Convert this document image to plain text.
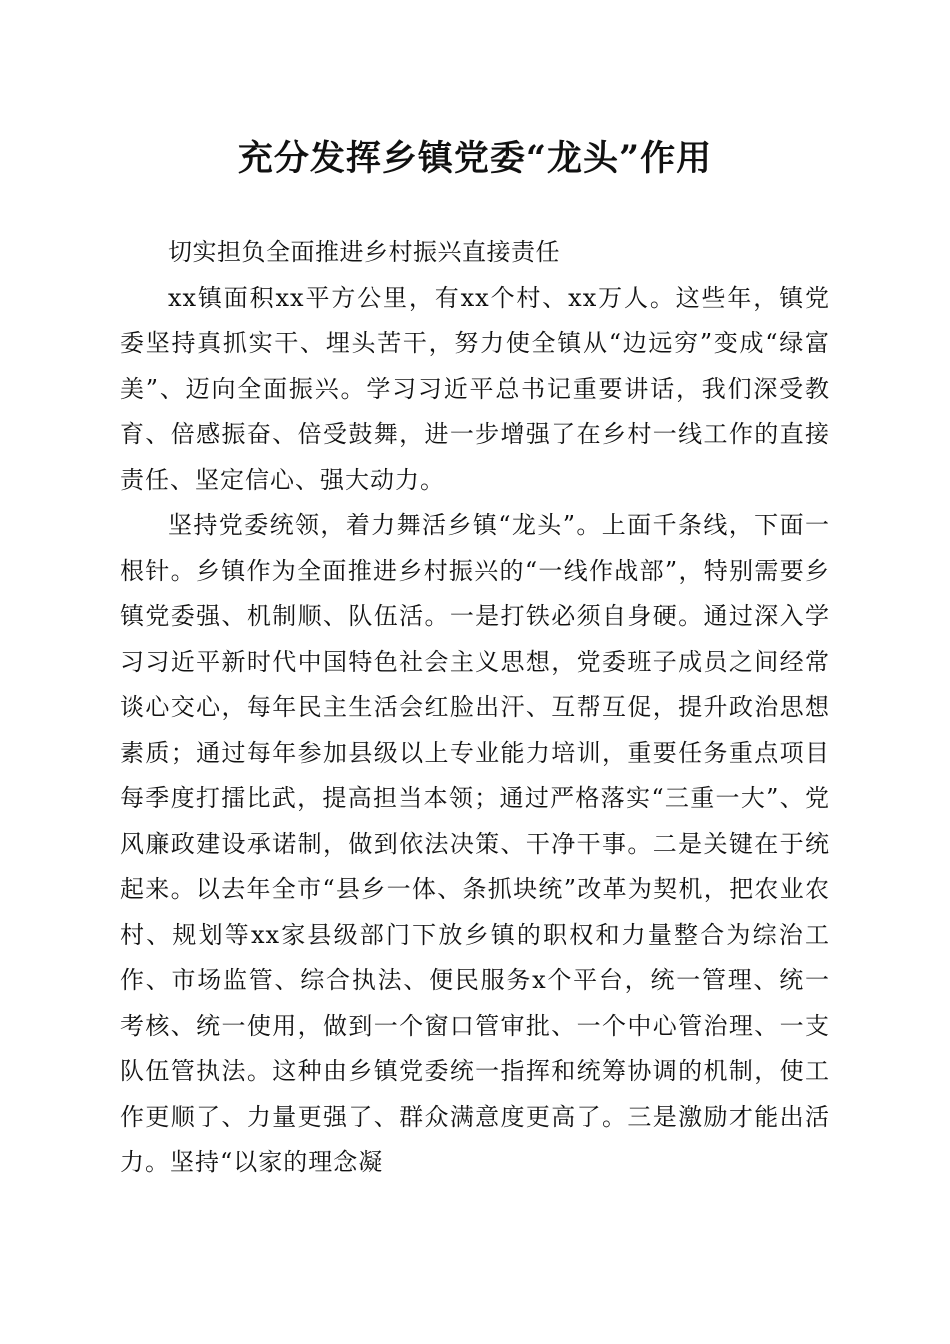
充分发挥乡镇党委“龙头”作用

切实担负全面推进乡村振兴直接责任

xx镇面积xx平方公里，有xx个村、xx万人。这些年，镇党委坚持真抓实干、埋头苦干，努力使全镇从“边远穷”变成“绿富美”、迈向全面振兴。学习习近平总书记重要讲话，我们深受教育、倍感振奋、倍受鼓舞，进一步增强了在乡村一线工作的直接责任、坚定信心、强大动力。

坚持党委统领，着力舞活乡镇“龙头”。上面千条线，下面一根针。乡镇作为全面推进乡村振兴的“一线作战部”，特别需要乡镇党委强、机制顺、队伍活。一是打铁必须自身硬。通过深入学习习近平新时代中国特色社会主义思想，党委班子成员之间经常谈心交心，每年民主生活会红脸出汗、互帮互促，提升政治思想素质；通过每年参加县级以上专业能力培训，重要任务重点项目每季度打擂比武，提高担当本领；通过严格落实“三重一大”、党风廉政建设承诺制，做到依法决策、干净干事。二是关键在于统起来。以去年全市“县乡一体、条抓块统”改革为契机，把农业农村、规划等xx家县级部门下放乡镇的职权和力量整合为综治工作、市场监管、综合执法、便民服务x个平台，统一管理、统一考核、统一使用，做到一个窗口管审批、一个中心管治理、一支队伍管执法。这种由乡镇党委统一指挥和统筹协调的机制，使工作更顺了、力量更强了、群众满意度更高了。三是激励才能出活力。坚持“以家的理念凝
